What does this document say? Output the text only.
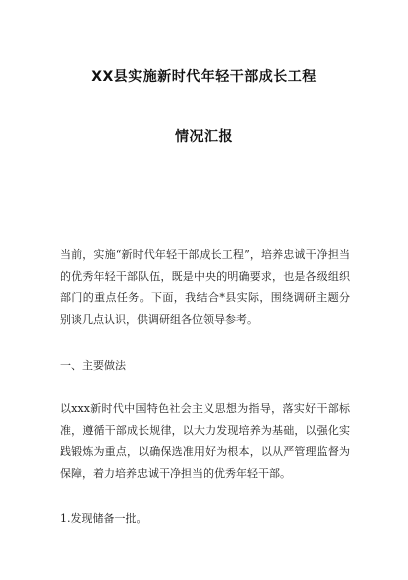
XX县实施新时代年轻干部成长工程
情况汇报

当前，实施“新时代年轻干部成长工程”，培养忠诚干净担当的优秀年轻干部队伍，既是中央的明确要求，也是各级组织部门的重点任务。下面，我结合*县实际，围绕调研主题分别谈几点认识，供调研组各位领导参考。

一、主要做法

以xxx新时代中国特色社会主义思想为指导，落实好干部标准，遵循干部成长规律，以大力发现培养为基础，以强化实践锻炼为重点，以确保选准用好为根本，以从严管理监督为保障，着力培养忠诚干净担当的优秀年轻干部。

1.发现储备一批。
